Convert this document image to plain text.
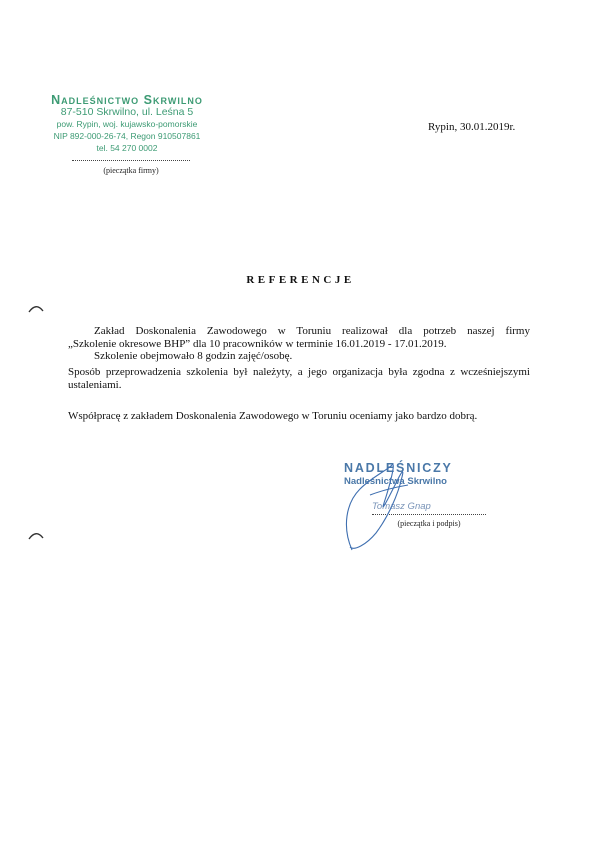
Nadleśnictwo Skrwilno
87-510 Skrwilno, ul. Leśna 5
pow. Rypin, woj. kujawsko-pomorskie
NIP 892-000-26-74, Regon 910507861
tel. 54 270 0002
(pieczątka firmy)
Rypin, 30.01.2019r.
REFERENCJE
Zakład Doskonalenia Zawodowego w Toruniu realizował dla potrzeb naszej firmy
„Szkolenie okresowe BHP” dla 10 pracowników w terminie 16.01.2019 - 17.01.2019.
Szkolenie obejmowało 8 godzin zajęć/osobę.
Sposób przeprowadzenia szkolenia był należyty, a jego organizacja była zgodna z wcześniejszymi ustaleniami.
Współpracę z zakładem Doskonalenia Zawodowego w Toruniu oceniamy jako bardzo dobrą.
NADLEŚNICZY
Nadleśnictwa Skrwilno
Tomasz Gnap
(pieczątka i podpis)
